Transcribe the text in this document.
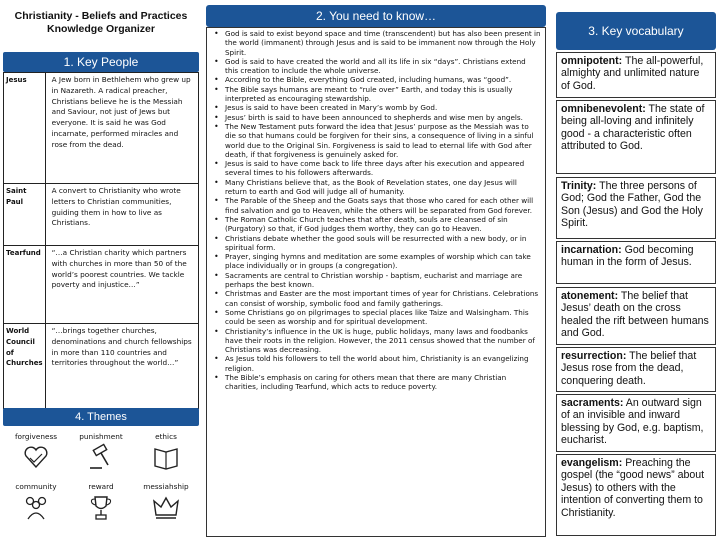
Christianity - Beliefs and Practices Knowledge Organizer
1. Key People
Jesus	A Jew born in Bethlehem who grew up in Nazareth. A radical preacher, Christians believe he is the Messiah and Saviour, not just of Jews but everyone. It is said he was God incarnate, performed miracles and rose from the dead.
Saint Paul	A convert to Christianity who wrote letters to Christian communities, guiding them in how to live as Christians.
Tearfund	“…a Christian charity which partners with churches in more than 50 of the world’s poorest countries. We tackle poverty and injustice…”
World Council of Churches	“…brings together churches, denominations and church fellowships in more than 110 countries and territories throughout the world…”
4. Themes
forgiveness	punishment	ethics
community	reward	messiahship
2. You need to know…
• God is said to exist beyond space and time (transcendent) but has also been present in the world (immanent) through Jesus and is said to be immanent now through the Holy Spirit.
• God is said to have created the world and all its life in six “days”. Christians extend this creation to include the whole universe.
• According to the Bible, everything God created, including humans, was “good”.
• The Bible says humans are meant to “rule over” Earth, and today this is usually interpreted as encouraging stewardship.
• Jesus is said to have been created in Mary’s womb by God.
• Jesus’ birth is said to have been announced to shepherds and wise men by angels.
• The New Testament puts forward the idea that Jesus’ purpose as the Messiah was to die so that humans could be forgiven for their sins, a consequence of living in a sinful world due to the Original Sin. Forgiveness is said to lead to eternal life with God after death, if that forgiveness is genuinely asked for.
• Jesus is said to have come back to life three days after his execution and appeared several times to his followers afterwards.
• Many Christians believe that, as the Book of Revelation states, one day Jesus will return to earth and God will judge all of humanity.
• The Parable of the Sheep and the Goats says that those who cared for each other will find salvation and go to Heaven, while the others will be separated from God forever.
• The Roman Catholic Church teaches that after death, souls are cleansed of sin (Purgatory) so that, if God judges them worthy, they can go to Heaven.
• Christians debate whether the good souls will be resurrected with a new body, or in spiritual form.
• Prayer, singing hymns and meditation are some examples of worship which can take place individually or in groups (a congregation).
• Sacraments are central to Christian worship - baptism, eucharist and marriage are perhaps the best known.
• Christmas and Easter are the most important times of year for Christians. Celebrations can consist of worship, symbolic food and family gatherings.
• Some Christians go on pilgrimages to special places like Taize and Walsingham. This could be seen as worship and for spiritual development.
• Christianity’s influence in the UK is huge, public holidays, many laws and foodbanks have their roots in the religion. However, the 2011 census showed that the number of Christians was decreasing.
• As Jesus told his followers to tell the world about him, Christianity is an evangelizing religion.
• The Bible’s emphasis on caring for others mean that there are many Christian charities, including Tearfund, which acts to reduce poverty.
3. Key vocabulary
omnipotent: The all-powerful, almighty and unlimited nature of God.
omnibenevolent: The state of being all-loving and infinitely good - a characteristic often attributed to God.
Trinity: The three persons of God; God the Father, God the Son (Jesus) and God the Holy Spirit.
incarnation: God becoming human in the form of Jesus.
atonement: The belief that Jesus’ death on the cross healed the rift between humans and God.
resurrection: The belief that Jesus rose from the dead, conquering death.
sacraments: An outward sign of an invisible and inward blessing by God, e.g. baptism, eucharist.
evangelism: Preaching the gospel (the “good news” about Jesus) to others with the intention of converting them to Christianity.
